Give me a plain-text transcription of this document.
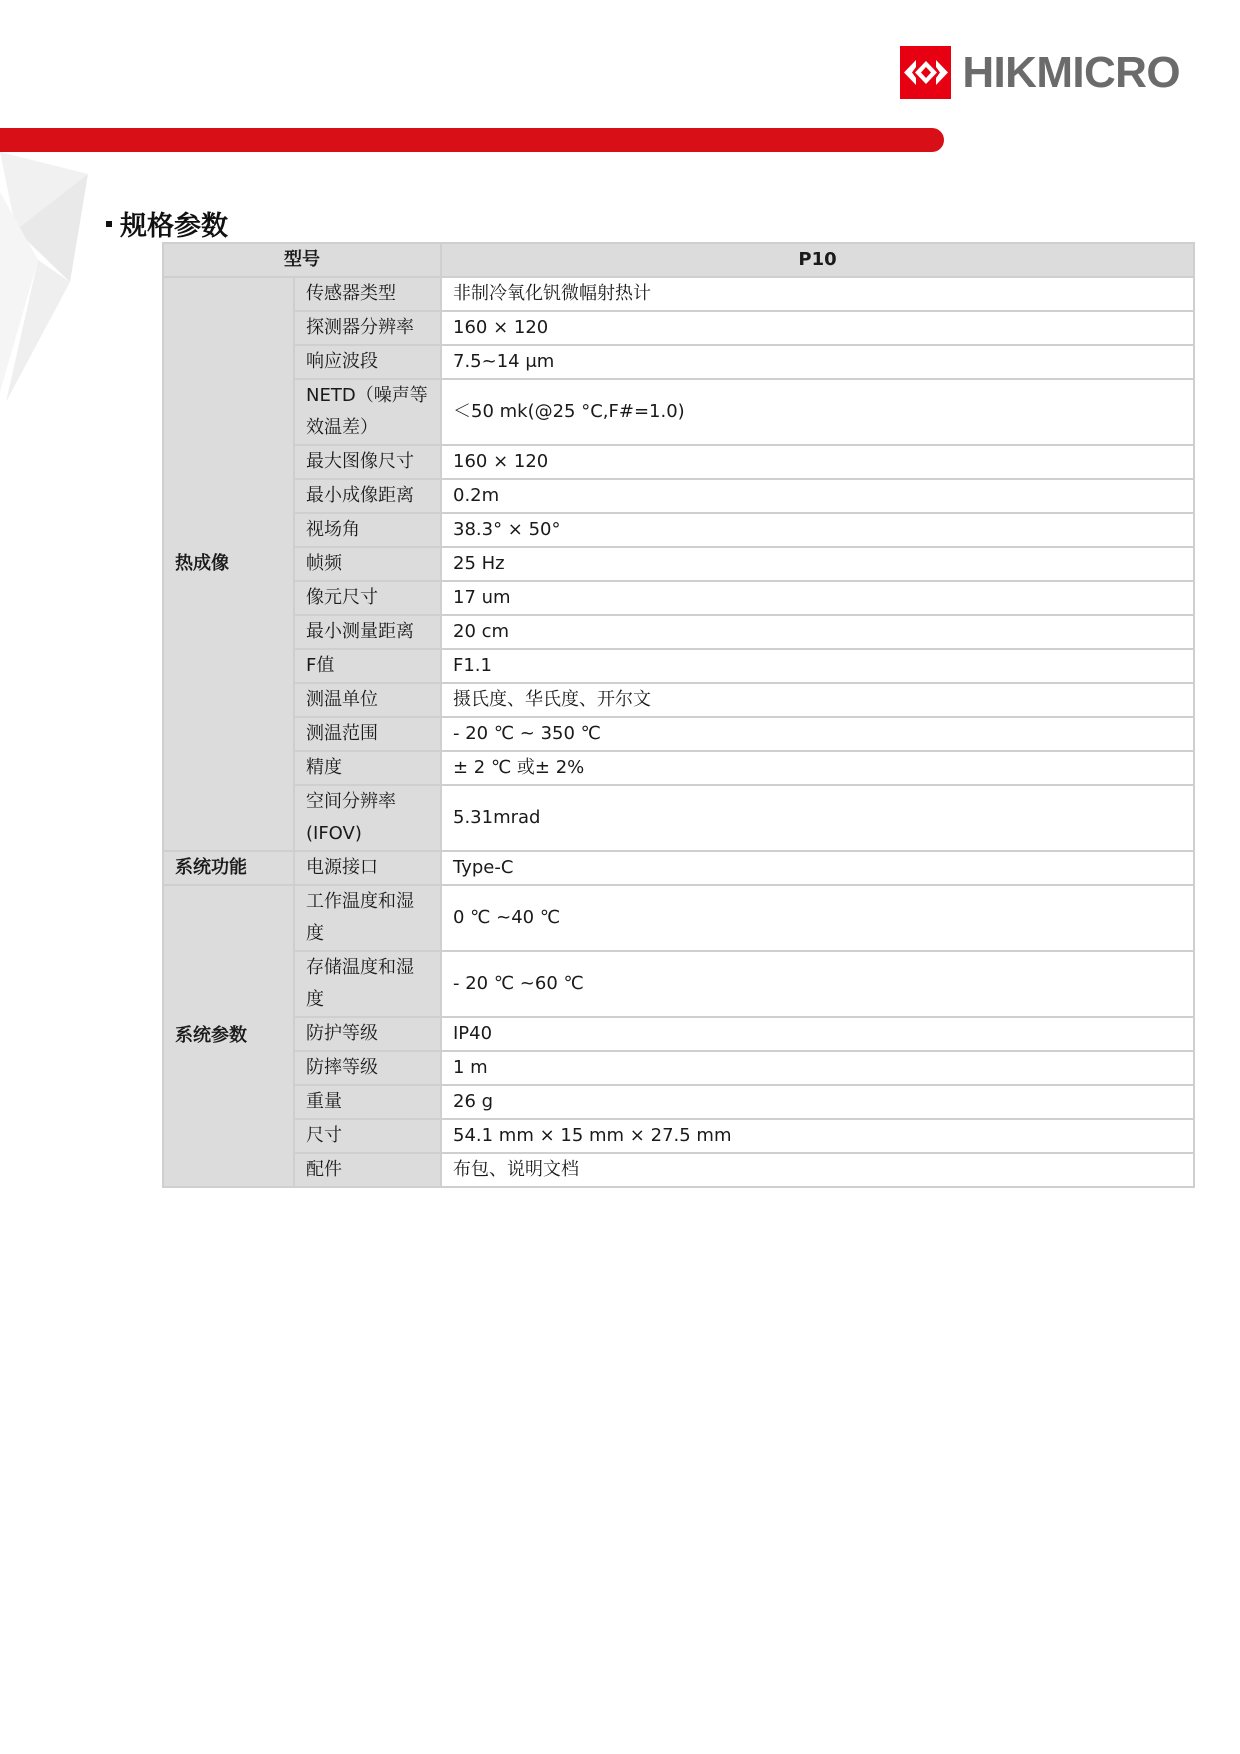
HIKMICRO
规格参数
型号		P10
热成像	传感器类型	非制冷氧化钒微幅射热计
	探测器分辨率	160 × 120
	响应波段	7.5~14 μm
	NETD（噪声等效温差）	＜50 mk(@25 °C,F#=1.0)
	最大图像尺寸	160 × 120
	最小成像距离	0.2m
	视场角	38.3° × 50°
	帧频	25 Hz
	像元尺寸	17 um
	最小测量距离	20 cm
	F值	F1.1
	测温单位	摄氏度、华氏度、开尔文
	测温范围	- 20 ℃ ~ 350 ℃
	精度	± 2 ℃ 或± 2%
	空间分辨率(IFOV)	5.31mrad
系统功能	电源接口	Type-C
系统参数	工作温度和湿度	0 ℃ ~40 ℃
	存储温度和湿度	- 20 ℃ ~60 ℃
	防护等级	IP40
	防摔等级	1 m
	重量	26 g
	尺寸	54.1 mm × 15 mm × 27.5 mm
	配件	布包、说明文档
